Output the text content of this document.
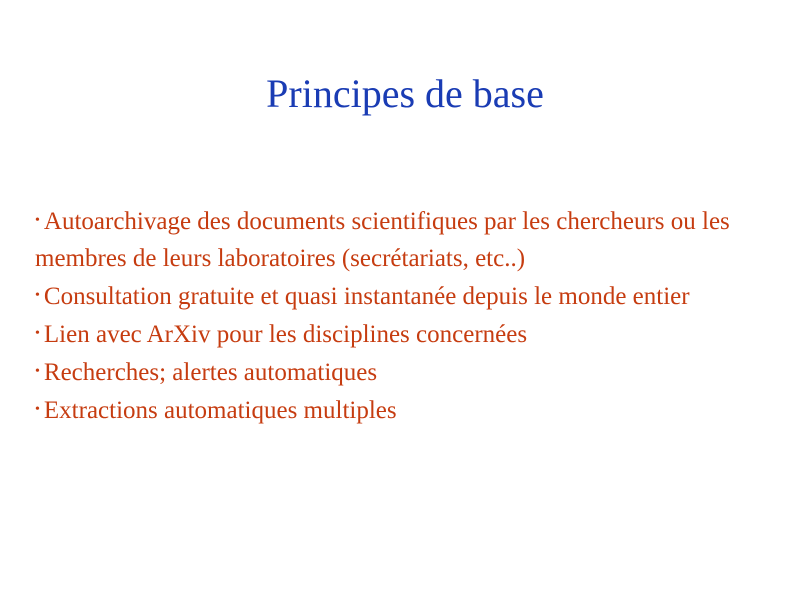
Principes de base
• Autoarchivage des documents scientifiques par les chercheurs ou les membres de leurs laboratoires (secrétariats, etc..)
• Consultation gratuite et quasi instantanée depuis le monde entier
• Lien avec ArXiv pour les disciplines concernées
• Recherches; alertes automatiques
• Extractions automatiques multiples
